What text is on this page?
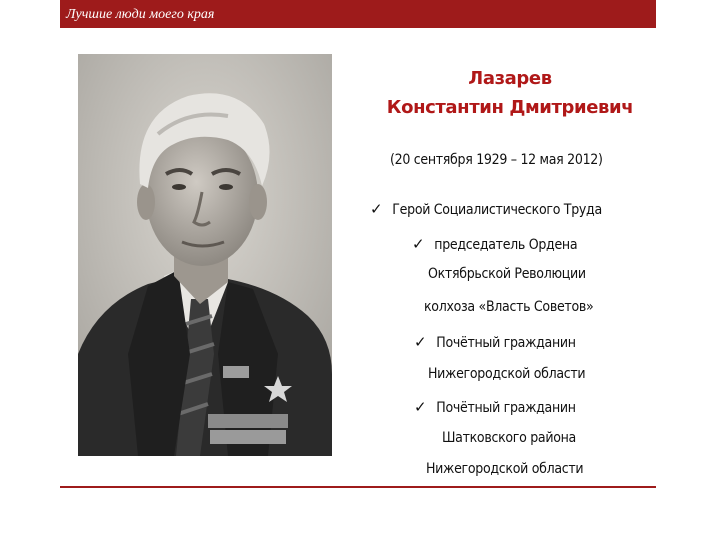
Лучшие люди моего края
Лазарев
Константин Дмитриевич
(20 сентября 1929 – 12 мая 2012)
✓ Герой Социалистического Труда
✓ председатель Ордена
Октябрьской Революции
колхоза «Власть Советов»
✓ Почётный гражданин
Нижегородской области
✓ Почётный гражданин
Шатковского района
Нижегородской области
